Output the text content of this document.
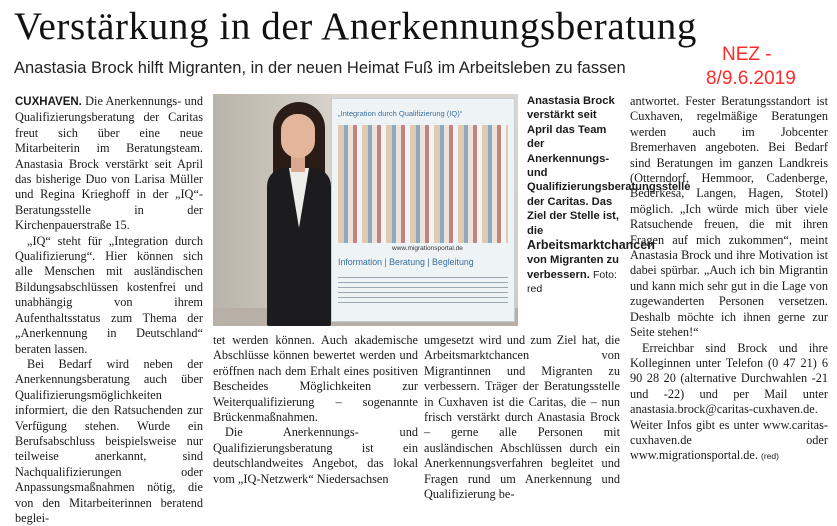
Verstärkung in der Anerkennungsberatung
Anastasia Brock hilft Migranten, in der neuen Heimat Fuß im Arbeitsleben zu fassen
NEZ -
8/9.6.2019

CUXHAVEN. Die Anerkennungs- und Qualifizierungsberatung der Caritas freut sich über eine neue Mitarbeiterin im Beratungsteam. Anastasia Brock verstärkt seit April das bisherige Duo von Larisa Müller und Regina Krieghoff in der „IQ“-Beratungsstelle in der Kirchenpauerstraße 15.

„IQ“ steht für „Integration durch Qualifizierung“. Hier können sich alle Menschen mit ausländischen Bildungsabschlüssen kostenfrei und unabhängig von ihrem Aufenthaltsstatus zum Thema der „Anerkennung in Deutschland“ beraten lassen.

Bei Bedarf wird neben der Anerkennungsberatung auch über Qualifizierungsmöglichkeiten informiert, die den Ratsuchenden zur Verfügung stehen. Wurde ein Berufsabschluss beispielsweise nur teilweise anerkannt, sind Nachqualifizierungen oder Anpassungsmaßnahmen nötig, die von den Mitarbeiterinnen beratend beglei-

„Integration durch Qualifizierung (IQ)“
www.migrationsportal.de
Information | Beratung | Begleitung
Anastasia Brock verstärkt seit April das Team der Anerkennungs- und Qualifizierungsberatungsstelle der Caritas. Das Ziel der Stelle ist, die Arbeitsmarktchancen von Migranten zu verbessern. Foto: red

tet werden können. Auch akademische Abschlüsse können bewertet werden und eröffnen nach dem Erhalt eines positiven Bescheides Möglichkeiten zur Weiterqualifizierung – sogenannte Brückenmaßnahmen.

Die Anerkennungs- und Qualifizierungsberatung ist ein deutschlandweites Angebot, das lokal vom „IQ-Netzwerk“ Niedersachsen

umgesetzt wird und zum Ziel hat, die Arbeitsmarktchancen von Migrantinnen und Migranten zu verbessern. Träger der Beratungsstelle in Cuxhaven ist die Caritas, die – nun frisch verstärkt durch Anastasia Brock – gerne alle Personen mit ausländischen Abschlüssen durch ein Anerkennungsverfahren begleitet und Fragen rund um Anerkennung und Qualifizierung be-

antwortet. Fester Beratungsstandort ist Cuxhaven, regelmäßige Beratungen werden auch im Jobcenter Bremerhaven angeboten. Bei Bedarf sind Beratungen im ganzen Landkreis (Otterndorf, Hemmoor, Cadenberge, Bederkesa, Langen, Hagen, Stotel) möglich. „Ich würde mich über viele Ratsuchende freuen, die mit ihren Fragen auf mich zukommen“, meint Anastasia Brock und ihre Motivation ist dabei spürbar. „Auch ich bin Migrantin und kann mich sehr gut in die Lage von zugewanderten Personen versetzen. Deshalb möchte ich ihnen gerne zur Seite stehen!“

Erreichbar sind Brock und ihre Kolleginnen unter Telefon (0 47 21) 6 90 28 20 (alternative Durchwahlen -21 und -22) und per Mail unter anastasia.brock@caritas-cuxhaven.de. Weiter Infos gibt es unter www.caritas-cuxhaven.de oder www.migrationsportal.de. (red)
